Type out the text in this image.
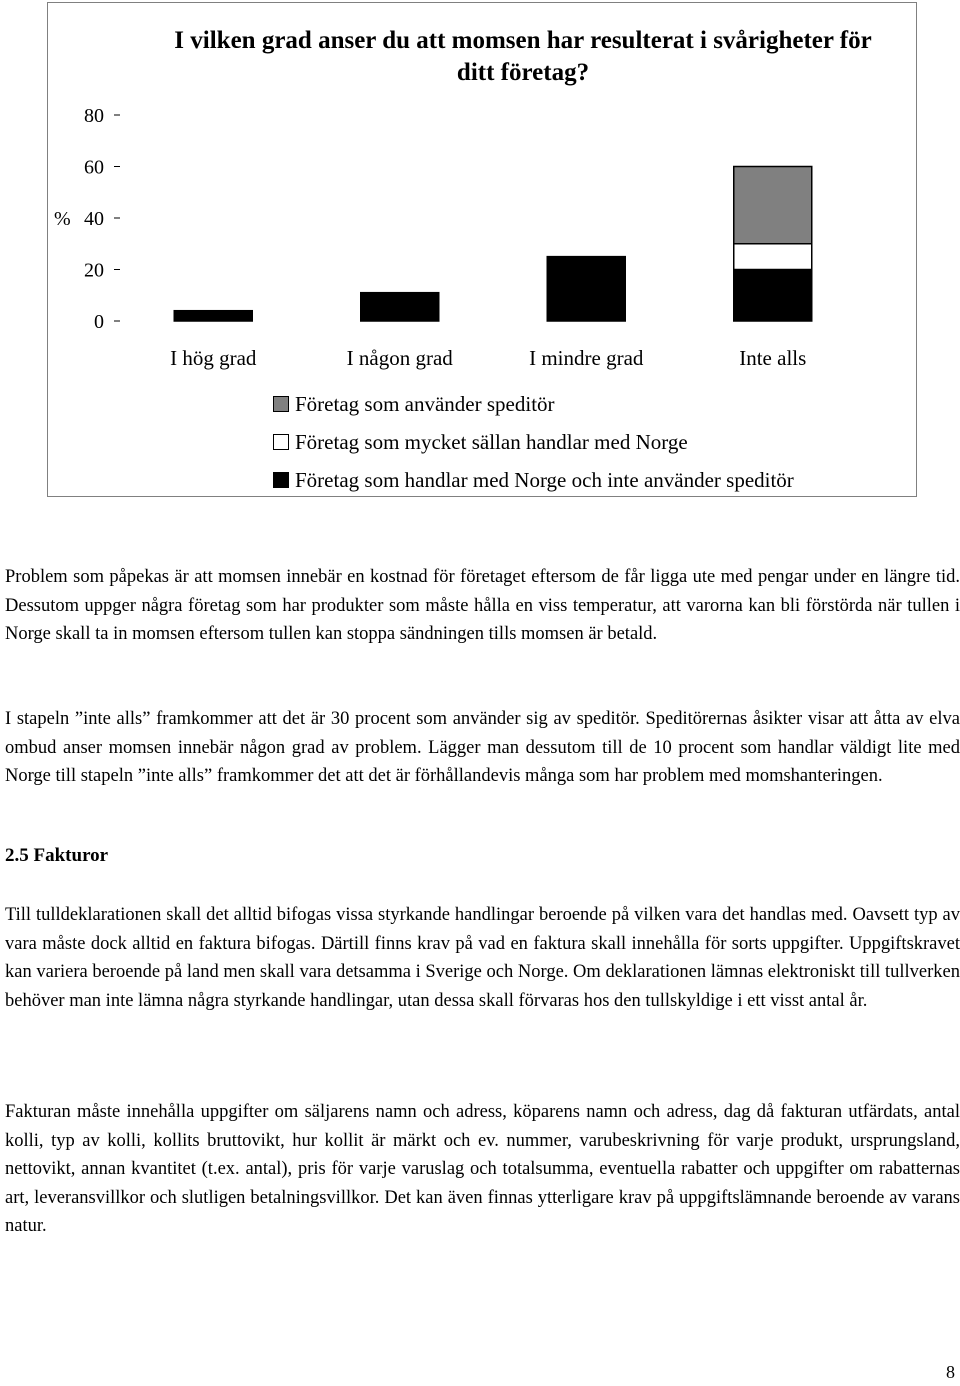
80
60
40
20
0
%
I hög grad	I någon grad	I mindre grad	Inte alls
I vilken grad anser du att momsen har resulterat i svårigheter för ditt företag?
Företag som använder speditör
Företag som mycket sällan handlar med Norge
Företag som handlar med Norge och inte använder speditör

Problem som påpekas är att momsen innebär en kostnad för företaget eftersom de får ligga ute med pengar under en längre tid. Dessutom uppger några företag som har produkter som måste hålla en viss temperatur, att varorna kan bli förstörda när tullen i Norge skall ta in momsen eftersom tullen kan stoppa sändningen tills momsen är betald.

I stapeln ”inte alls” framkommer att det är 30 procent som använder sig av speditör. Speditörernas åsikter visar att åtta av elva ombud anser momsen innebär någon grad av problem. Lägger man dessutom till de 10 procent som handlar väldigt lite med Norge till stapeln ”inte alls” framkommer det att det är förhållandevis många som har problem med momshanteringen.

2.5 Fakturor

Till tulldeklarationen skall det alltid bifogas vissa styrkande handlingar beroende på vilken vara det handlas med. Oavsett typ av vara måste dock alltid en faktura bifogas. Därtill finns krav på vad en faktura skall innehålla för sorts uppgifter. Uppgiftskravet kan variera beroende på land men skall vara detsamma i Sverige och Norge. Om deklarationen lämnas elektroniskt till tullverken behöver man inte lämna några styrkande handlingar, utan dessa skall förvaras hos den tullskyldige i ett visst antal år.

Fakturan måste innehålla uppgifter om säljarens namn och adress, köparens namn och adress, dag då fakturan utfärdats, antal kolli, typ av kolli, kollits bruttovikt, hur kollit är märkt och ev. nummer, varubeskrivning för varje produkt, ursprungsland, nettovikt, annan kvantitet (t.ex. antal), pris för varje varuslag och totalsumma, eventuella rabatter och uppgifter om rabatternas art, leveransvillkor och slutligen betalningsvillkor. Det kan även finnas ytterligare krav på uppgiftslämnande beroende av varans natur.

8
